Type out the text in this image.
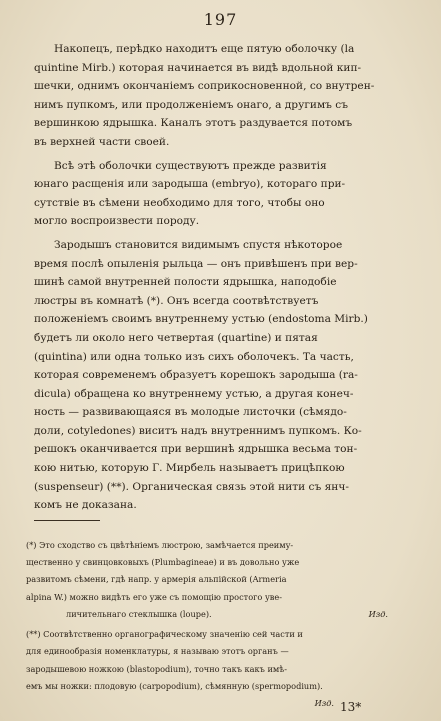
197

Накопецъ, перѣдко находитъ еще пятую оболочку (la
quintine Mirb.) которая начинается въ видѣ вдольной кип-
шечки, однимъ окончаніемъ соприкосновенной, со внутрен-
нимъ пупкомъ, или продолженіемъ онаго, а другимъ съ
вершинкою ядрышка. Каналъ этотъ раздувается потомъ
въ верхней части своей.

Всѣ этѣ оболочки существуютъ прежде развитія
юнаго расщенія или зародыша (embryo), котораго при-
сутствіе въ сѣмени необходимо для того, чтобы оно
могло воспроизвести породу.

Зародышъ становится видимымъ спустя нѣкоторое
время послѣ опыленія рыльца — онъ привѣшенъ при вер-
шинѣ самой внутренней полости ядрышка, наподобіе
люстры въ комнатѣ (*). Онъ всегда соотвѣтствуетъ
положеніемъ своимъ внутреннему устью (endostoma Mirb.)
будетъ ли около него четвертая (quartine) и пятая
(quintina) или одна только изъ сихъ оболочекъ. Та часть,
которая современемъ образуетъ корешокъ зародыша (ra-
dicula) обращена ко внутреннему устью, а другая конеч-
ность — развивающаяся въ молодые листочки (сѣмядо-
доли, cotyledones) виситъ надъ внутреннимъ пупкомъ. Ко-
решокъ оканчивается при вершинѣ ядрышка весьма тон-
кою нитью, которую Г. Мирбель называетъ прицѣпкою
(suspenseur) (**). Органическая связь этой нити съ янч-
комъ не доказана.

(*) Это сходство съ цвѣтѣніемъ люстрою, замѣчается преиму-
щественно у свинцовковыхъ (Plumbagineae) и въ довольно уже
развитомъ сѣмени, гдѣ напр. у армерія альпійской (Armeria
alpina W.) можно видѣть его уже съ помощію простого уве-
личительнаго стеклышка (loupe).	Изд.
(**) Соотвѣтственно органографическому значенію сей части и
для единообразія номенклатуры, я называю этотъ органъ —
зародышевою ножкою (blastopodium), точно такъ какъ имѣ-
емъ мы ножки: плодовую (carpopodium), сѣмянную (spermopodium).
Изд. 13*
